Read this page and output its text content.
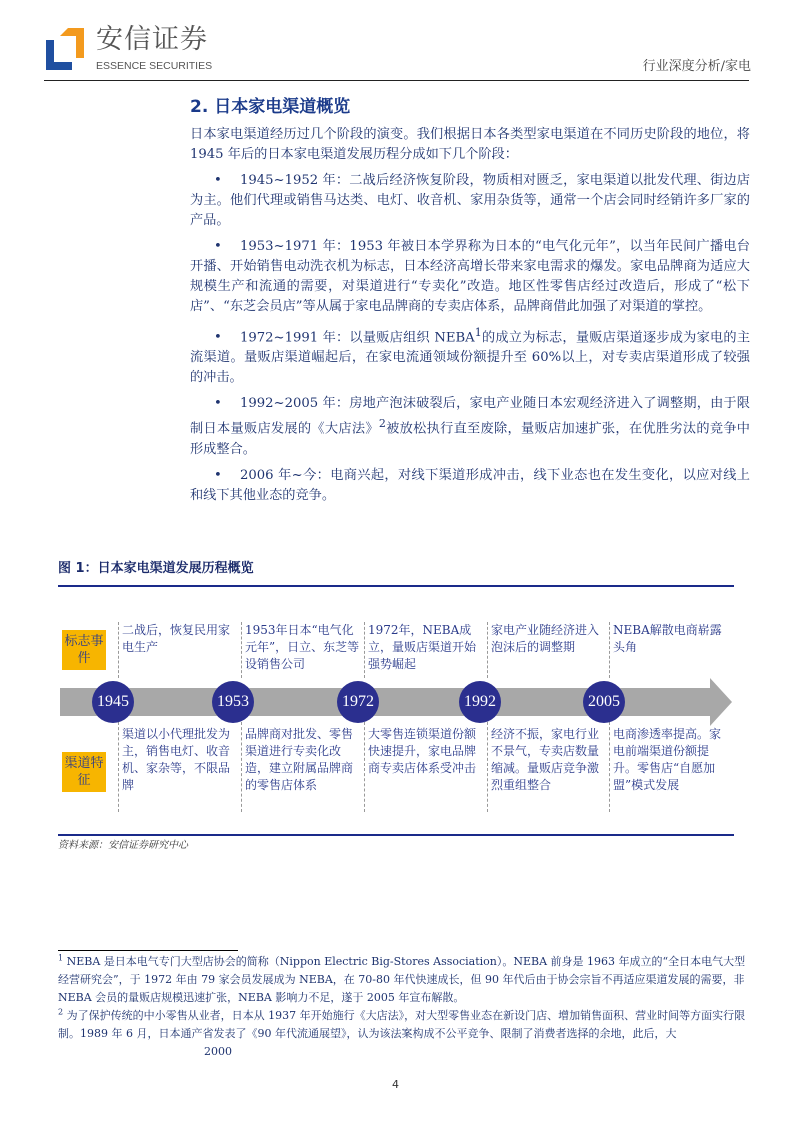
安信证券
ESSENCE SECURITIES	行业深度分析/家电
2. 日本家电渠道概览

日本家电渠道经历过几个阶段的演变。我们根据日本各类型家电渠道在不同历史阶段的地位，将 1945 年后的日本家电渠道发展历程分成如下几个阶段：

• 1945~1952 年：二战后经济恢复阶段，物质相对匮乏，家电渠道以批发代理、街边店为主。他们代理或销售马达类、电灯、收音机、家用杂货等，通常一个店会同时经销许多厂家的产品。

• 1953~1971 年：1953 年被日本学界称为日本的“电气化元年”，以当年民间广播电台开播、开始销售电动洗衣机为标志，日本经济高增长带来家电需求的爆发。家电品牌商为适应大规模生产和流通的需要，对渠道进行“专卖化”改造。地区性零售店经过改造后，形成了“松下店”、“东芝会员店”等从属于家电品牌商的专卖店体系，品牌商借此加强了对渠道的掌控。

• 1972~1991 年：以量贩店组织 NEBA$^1$的成立为标志，量贩店渠道逐步成为家电的主流渠道。量贩店渠道崛起后，在家电流通领域份额提升至 60%以上，对专卖店渠道形成了较强的冲击。

• 1992~2005 年：房地产泡沫破裂后，家电产业随日本宏观经济进入了调整期，由于限制日本量贩店发展的《大店法》$^2$被放松执行直至废除，量贩店加速扩张，在优胜劣汰的竞争中形成整合。

• 2006 年~今：电商兴起，对线下渠道形成冲击，线下业态也在发生变化，以应对线上和线下其他业态的竞争。

图 1：日本家电渠道发展历程概览
标志事件
渠道特征
二战后，恢复民用家电生产
渠道以小代理批发为主，销售电灯、收音机、家杂等，不限品牌
1945
1953年日本“电气化元年”，日立、东芝等设销售公司
品牌商对批发、零售渠道进行专卖化改造，建立附属品牌商的零售店体系
1953
1972年，NEBA成立，量贩店渠道开始强势崛起
大零售连锁渠道份额快速提升，家电品牌商专卖店体系受冲击
1972
家电产业随经济进入泡沫后的调整期
经济不振，家电行业不景气，专卖店数量缩减。量贩店竞争激烈重组整合
1992
NEBA解散电商崭露头角
电商渗透率提高。家电前端渠道份额提升。零售店“自愿加盟”模式发展
2005
资料来源：安信证券研究中心

$^1$ NEBA 是日本电气专门大型店协会的简称（Nippon Electric Big-Stores Association）。NEBA 前身是 1963 年成立的“全日本电气大型经营研究会”，于 1972 年由 79 家会员发展成为 NEBA，在 70-80 年代快速成长，但 90 年代后由于协会宗旨不再适应渠道发展的需要，非 NEBA 会员的量贩店规模迅速扩张，NEBA 影响力不足，遂于 2005 年宣布解散。

$^2$ 为了保护传统的中小零售从业者，日本从 1937 年开始施行《大店法》，对大型零售业态在新设门店、增加销售面积、营业时间等方面实行限制。1989 年 6 月，日本通产省发表了《90 年代流通展望》，认为该法案构成不公平竞争、限制了消费者选择的余地，此后，大

2000

4
